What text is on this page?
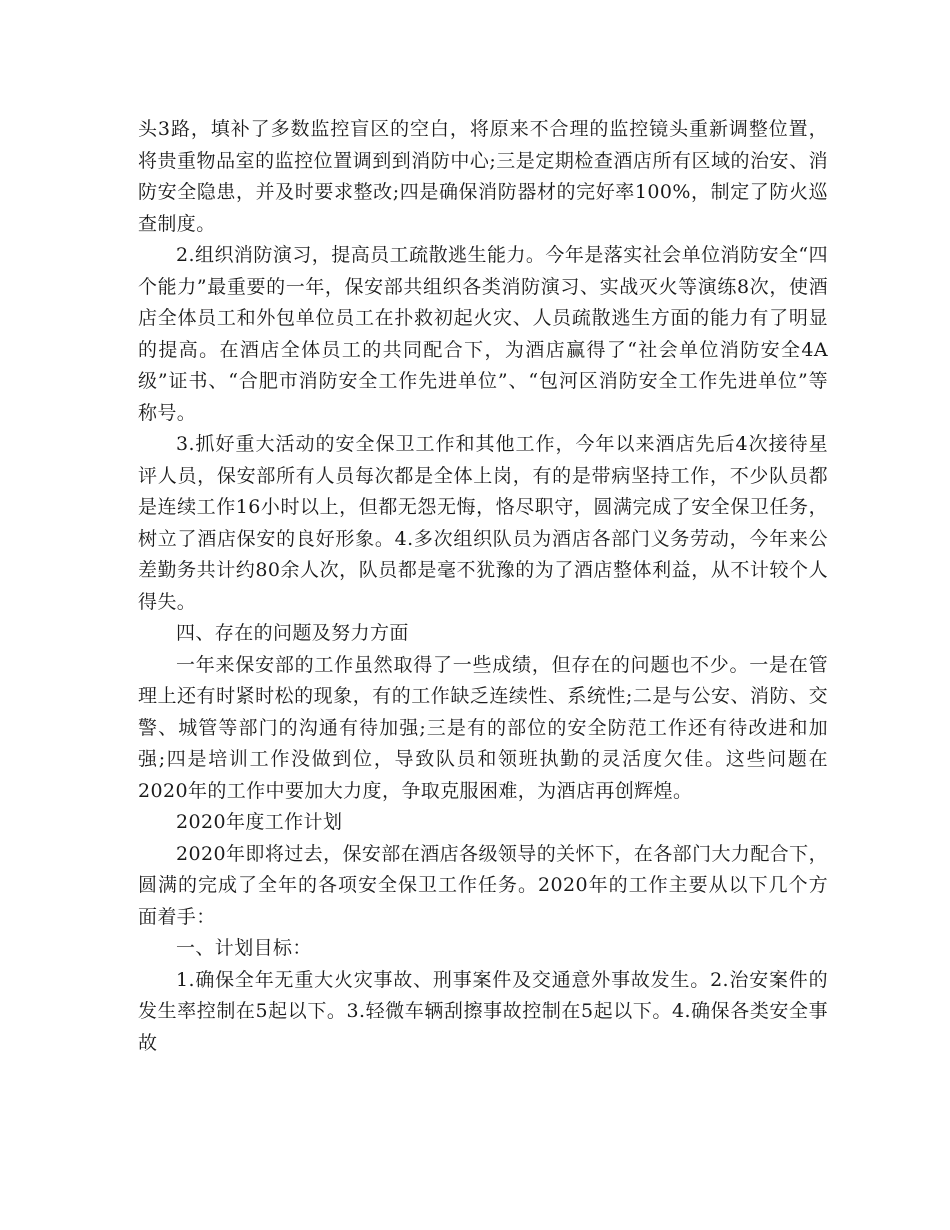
头3路，填补了多数监控盲区的空白，将原来不合理的监控镜头重新调整位置，将贵重物品室的监控位置调到到消防中心;三是定期检查酒店所有区域的治安、消防安全隐患，并及时要求整改;四是确保消防器材的完好率100%，制定了防火巡查制度。

2.组织消防演习，提高员工疏散逃生能力。今年是落实社会单位消防安全“四个能力”最重要的一年，保安部共组织各类消防演习、实战灭火等演练8次，使酒店全体员工和外包单位员工在扑救初起火灾、人员疏散逃生方面的能力有了明显的提高。在酒店全体员工的共同配合下，为酒店赢得了“社会单位消防安全4A级”证书、“合肥市消防安全工作先进单位”、“包河区消防安全工作先进单位”等称号。

3.抓好重大活动的安全保卫工作和其他工作，今年以来酒店先后4次接待星评人员，保安部所有人员每次都是全体上岗，有的是带病坚持工作，不少队员都是连续工作16小时以上，但都无怨无悔，恪尽职守，圆满完成了安全保卫任务，树立了酒店保安的良好形象。4.多次组织队员为酒店各部门义务劳动，今年来公差勤务共计约80余人次，队员都是毫不犹豫的为了酒店整体利益，从不计较个人得失。

四、存在的问题及努力方面

一年来保安部的工作虽然取得了一些成绩，但存在的问题也不少。一是在管理上还有时紧时松的现象，有的工作缺乏连续性、系统性;二是与公安、消防、交警、城管等部门的沟通有待加强;三是有的部位的安全防范工作还有待改进和加强;四是培训工作没做到位，导致队员和领班执勤的灵活度欠佳。这些问题在2020年的工作中要加大力度，争取克服困难，为酒店再创辉煌。

2020年度工作计划

2020年即将过去，保安部在酒店各级领导的关怀下，在各部门大力配合下，圆满的完成了全年的各项安全保卫工作任务。2020年的工作主要从以下几个方面着手：

一、计划目标：

1.确保全年无重大火灾事故、刑事案件及交通意外事故发生。2.治安案件的发生率控制在5起以下。3.轻微车辆刮擦事故控制在5起以下。4.确保各类安全事故
